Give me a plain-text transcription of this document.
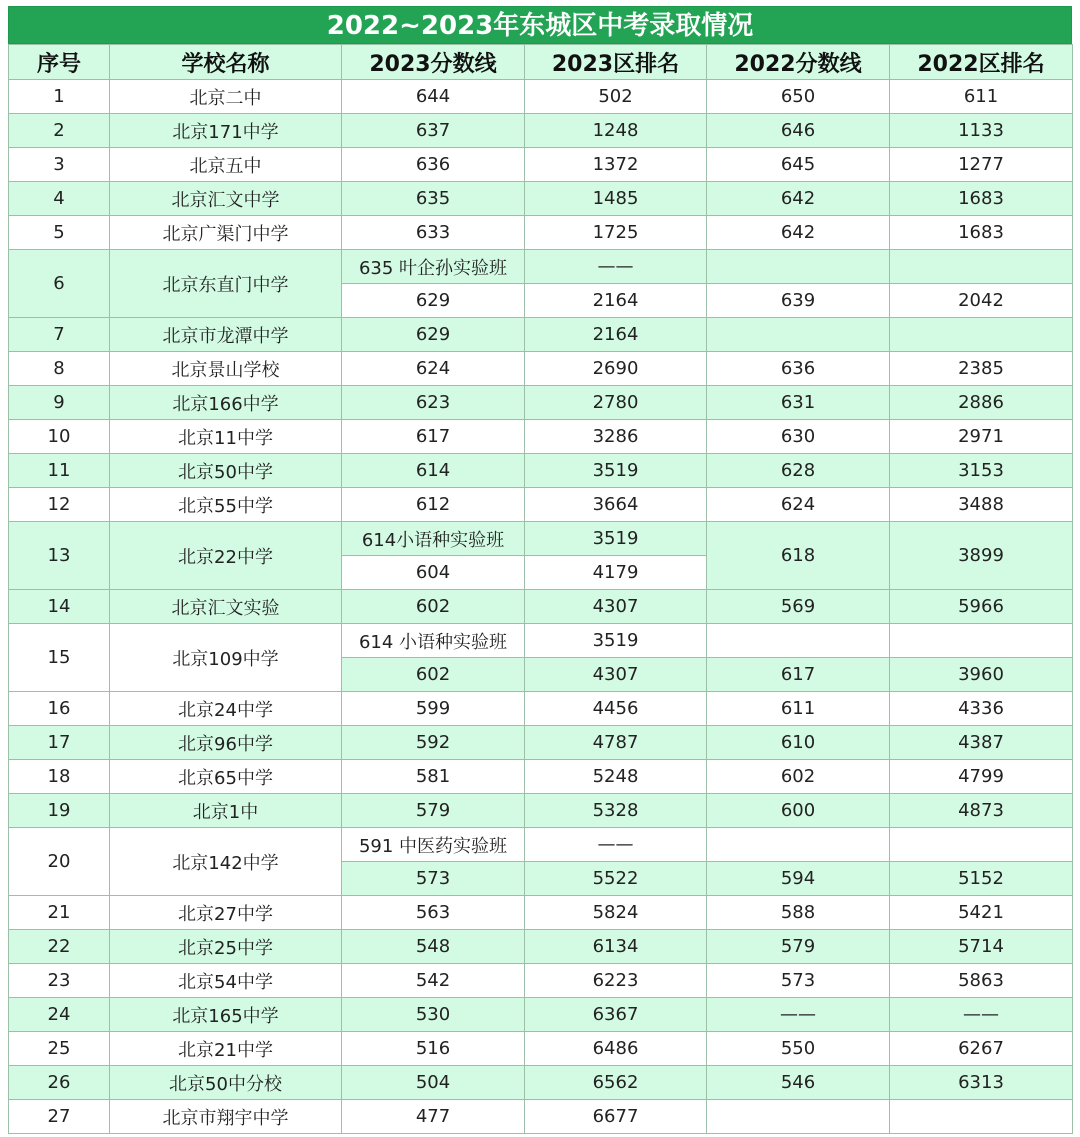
2022~2023年东城区中考录取情况
序号	学校名称	2023分数线	2023区排名	2022分数线	2022区排名
1	北京二中	644	502	650	611
2	北京171中学	637	1248	646	1133
3	北京五中	636	1372	645	1277
4	北京汇文中学	635	1485	642	1683
5	北京广渠门中学	633	1725	642	1683
6	北京东直门中学	635 叶企孙实验班	——		
		629	2164	639	2042
7	北京市龙潭中学	629	2164		
8	北京景山学校	624	2690	636	2385
9	北京166中学	623	2780	631	2886
10	北京11中学	617	3286	630	2971
11	北京50中学	614	3519	628	3153
12	北京55中学	612	3664	624	3488
13	北京22中学	614小语种实验班	3519	618	3899
		604	4179		
14	北京汇文实验	602	4307	569	5966
15	北京109中学	614 小语种实验班	3519		
		602	4307	617	3960
16	北京24中学	599	4456	611	4336
17	北京96中学	592	4787	610	4387
18	北京65中学	581	5248	602	4799
19	北京1中	579	5328	600	4873
20	北京142中学	591 中医药实验班	——		
		573	5522	594	5152
21	北京27中学	563	5824	588	5421
22	北京25中学	548	6134	579	5714
23	北京54中学	542	6223	573	5863
24	北京165中学	530	6367	——	——
25	北京21中学	516	6486	550	6267
26	北京50中分校	504	6562	546	6313
27	北京市翔宇中学	477	6677		
